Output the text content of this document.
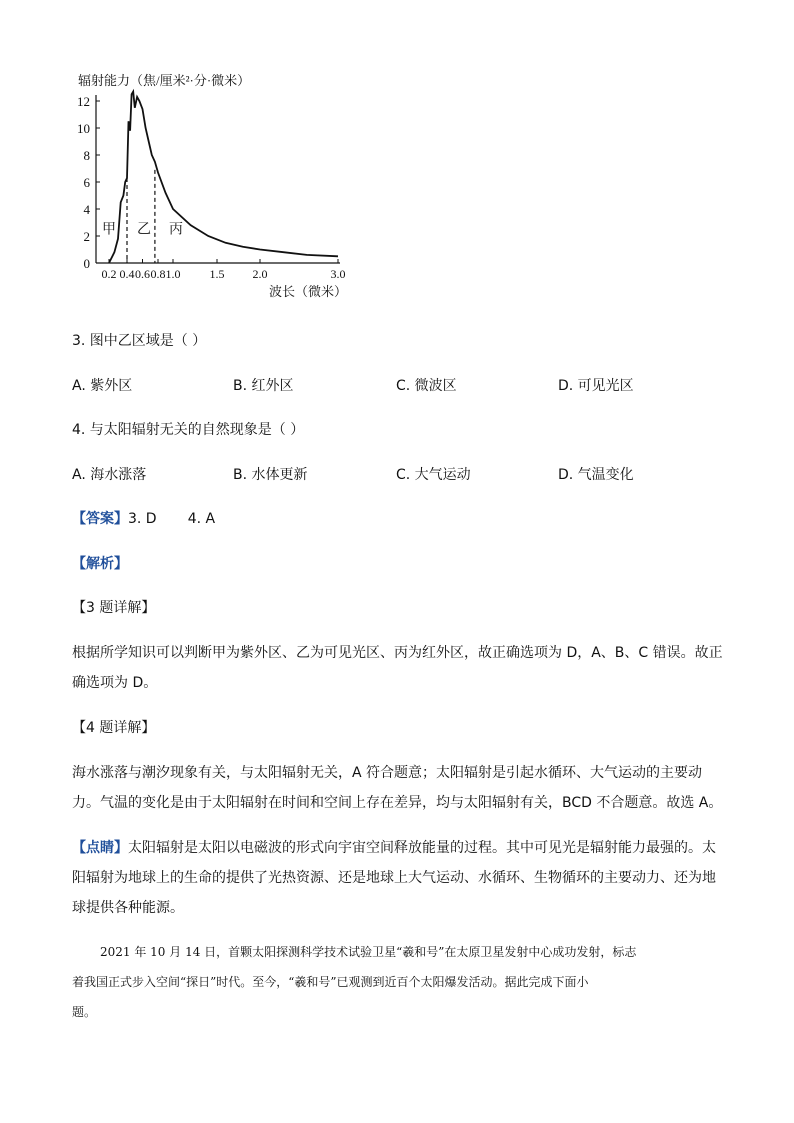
辐射能力（焦/厘米²·分·微米）
0
2
4
6
8
10
12
0.2 0.4 0.6 0.8 1.0 1.5 2.0	3.0
甲 乙 丙
波长（微米）
3. 图中乙区域是（ ）
A. 紫外区	B. 红外区	C. 微波区	D. 可见光区
4. 与太阳辐射无关的自然现象是（ ）
A. 海水涨落	B. 水体更新	C. 大气运动	D. 气温变化
【答案】3. D       4. A
【解析】
【3 题详解】
根据所学知识可以判断甲为紫外区、乙为可见光区、丙为红外区，故正确选项为 D，A、B、C 错误。故正
确选项为 D。
【4 题详解】
海水涨落与潮汐现象有关，与太阳辐射无关，A 符合题意；太阳辐射是引起水循环、大气运动的主要动
力。气温的变化是由于太阳辐射在时间和空间上存在差异，均与太阳辐射有关，BCD 不合题意。故选 A。
【点睛】太阳辐射是太阳以电磁波的形式向宇宙空间释放能量的过程。其中可见光是辐射能力最强的。太
阳辐射为地球上的生命的提供了光热资源、还是地球上大气运动、水循环、生物循环的主要动力、还为地
球提供各种能源。
2021 年 10 月 14 日，首颗太阳探测科学技术试验卫星“羲和号”在太原卫星发射中心成功发射，标志
着我国正式步入空间“探日”时代。至今，“羲和号”已观测到近百个太阳爆发活动。据此完成下面小
题。
